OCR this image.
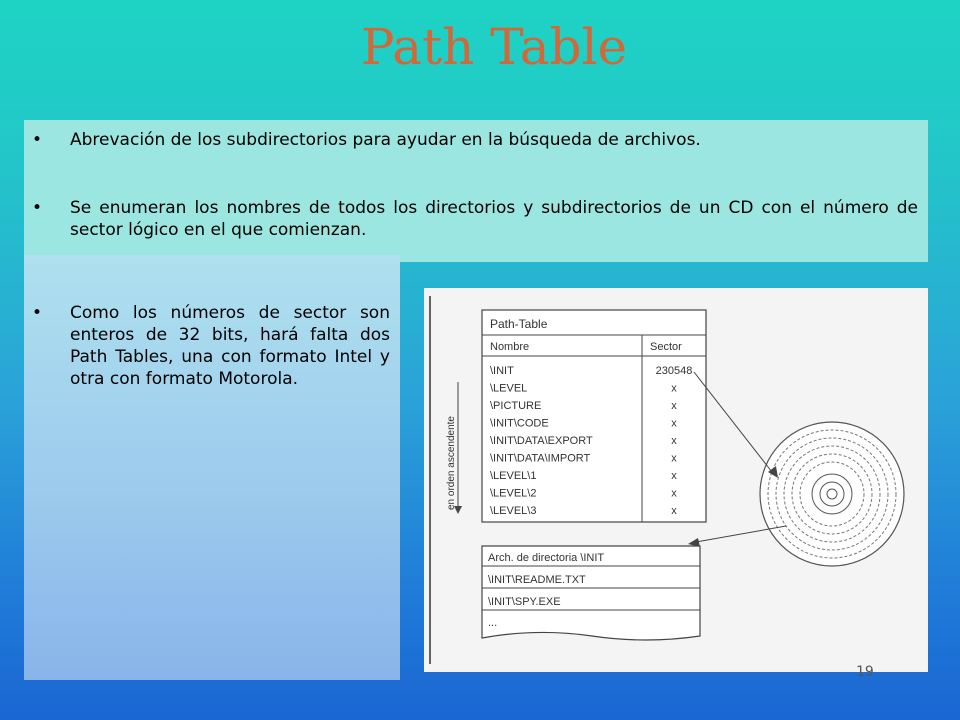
Path Table
• Abrevación de los subdirectorios para ayudar en la búsqueda de archivos.
• Se enumeran los nombres de todos los directorios y subdirectorios de un CD con el número de sector lógico en el que comienzan.
• Como los números de sector son enteros de 32 bits, hará falta dos Path Tables, una con formato Intel y otra con formato Motorola.
Path-Table
Nombre	Sector
\INIT	230548
\LEVEL	x
\PICTURE	x
\INIT\CODE	x
\INIT\DATA\EXPORT	x
\INIT\DATA\IMPORT	x
\LEVEL\1	x
\LEVEL\2	x
\LEVEL\3	x
en orden ascendente
Arch. de directoria \INIT
\INIT\README.TXT
\INIT\SPY.EXE
...
19
